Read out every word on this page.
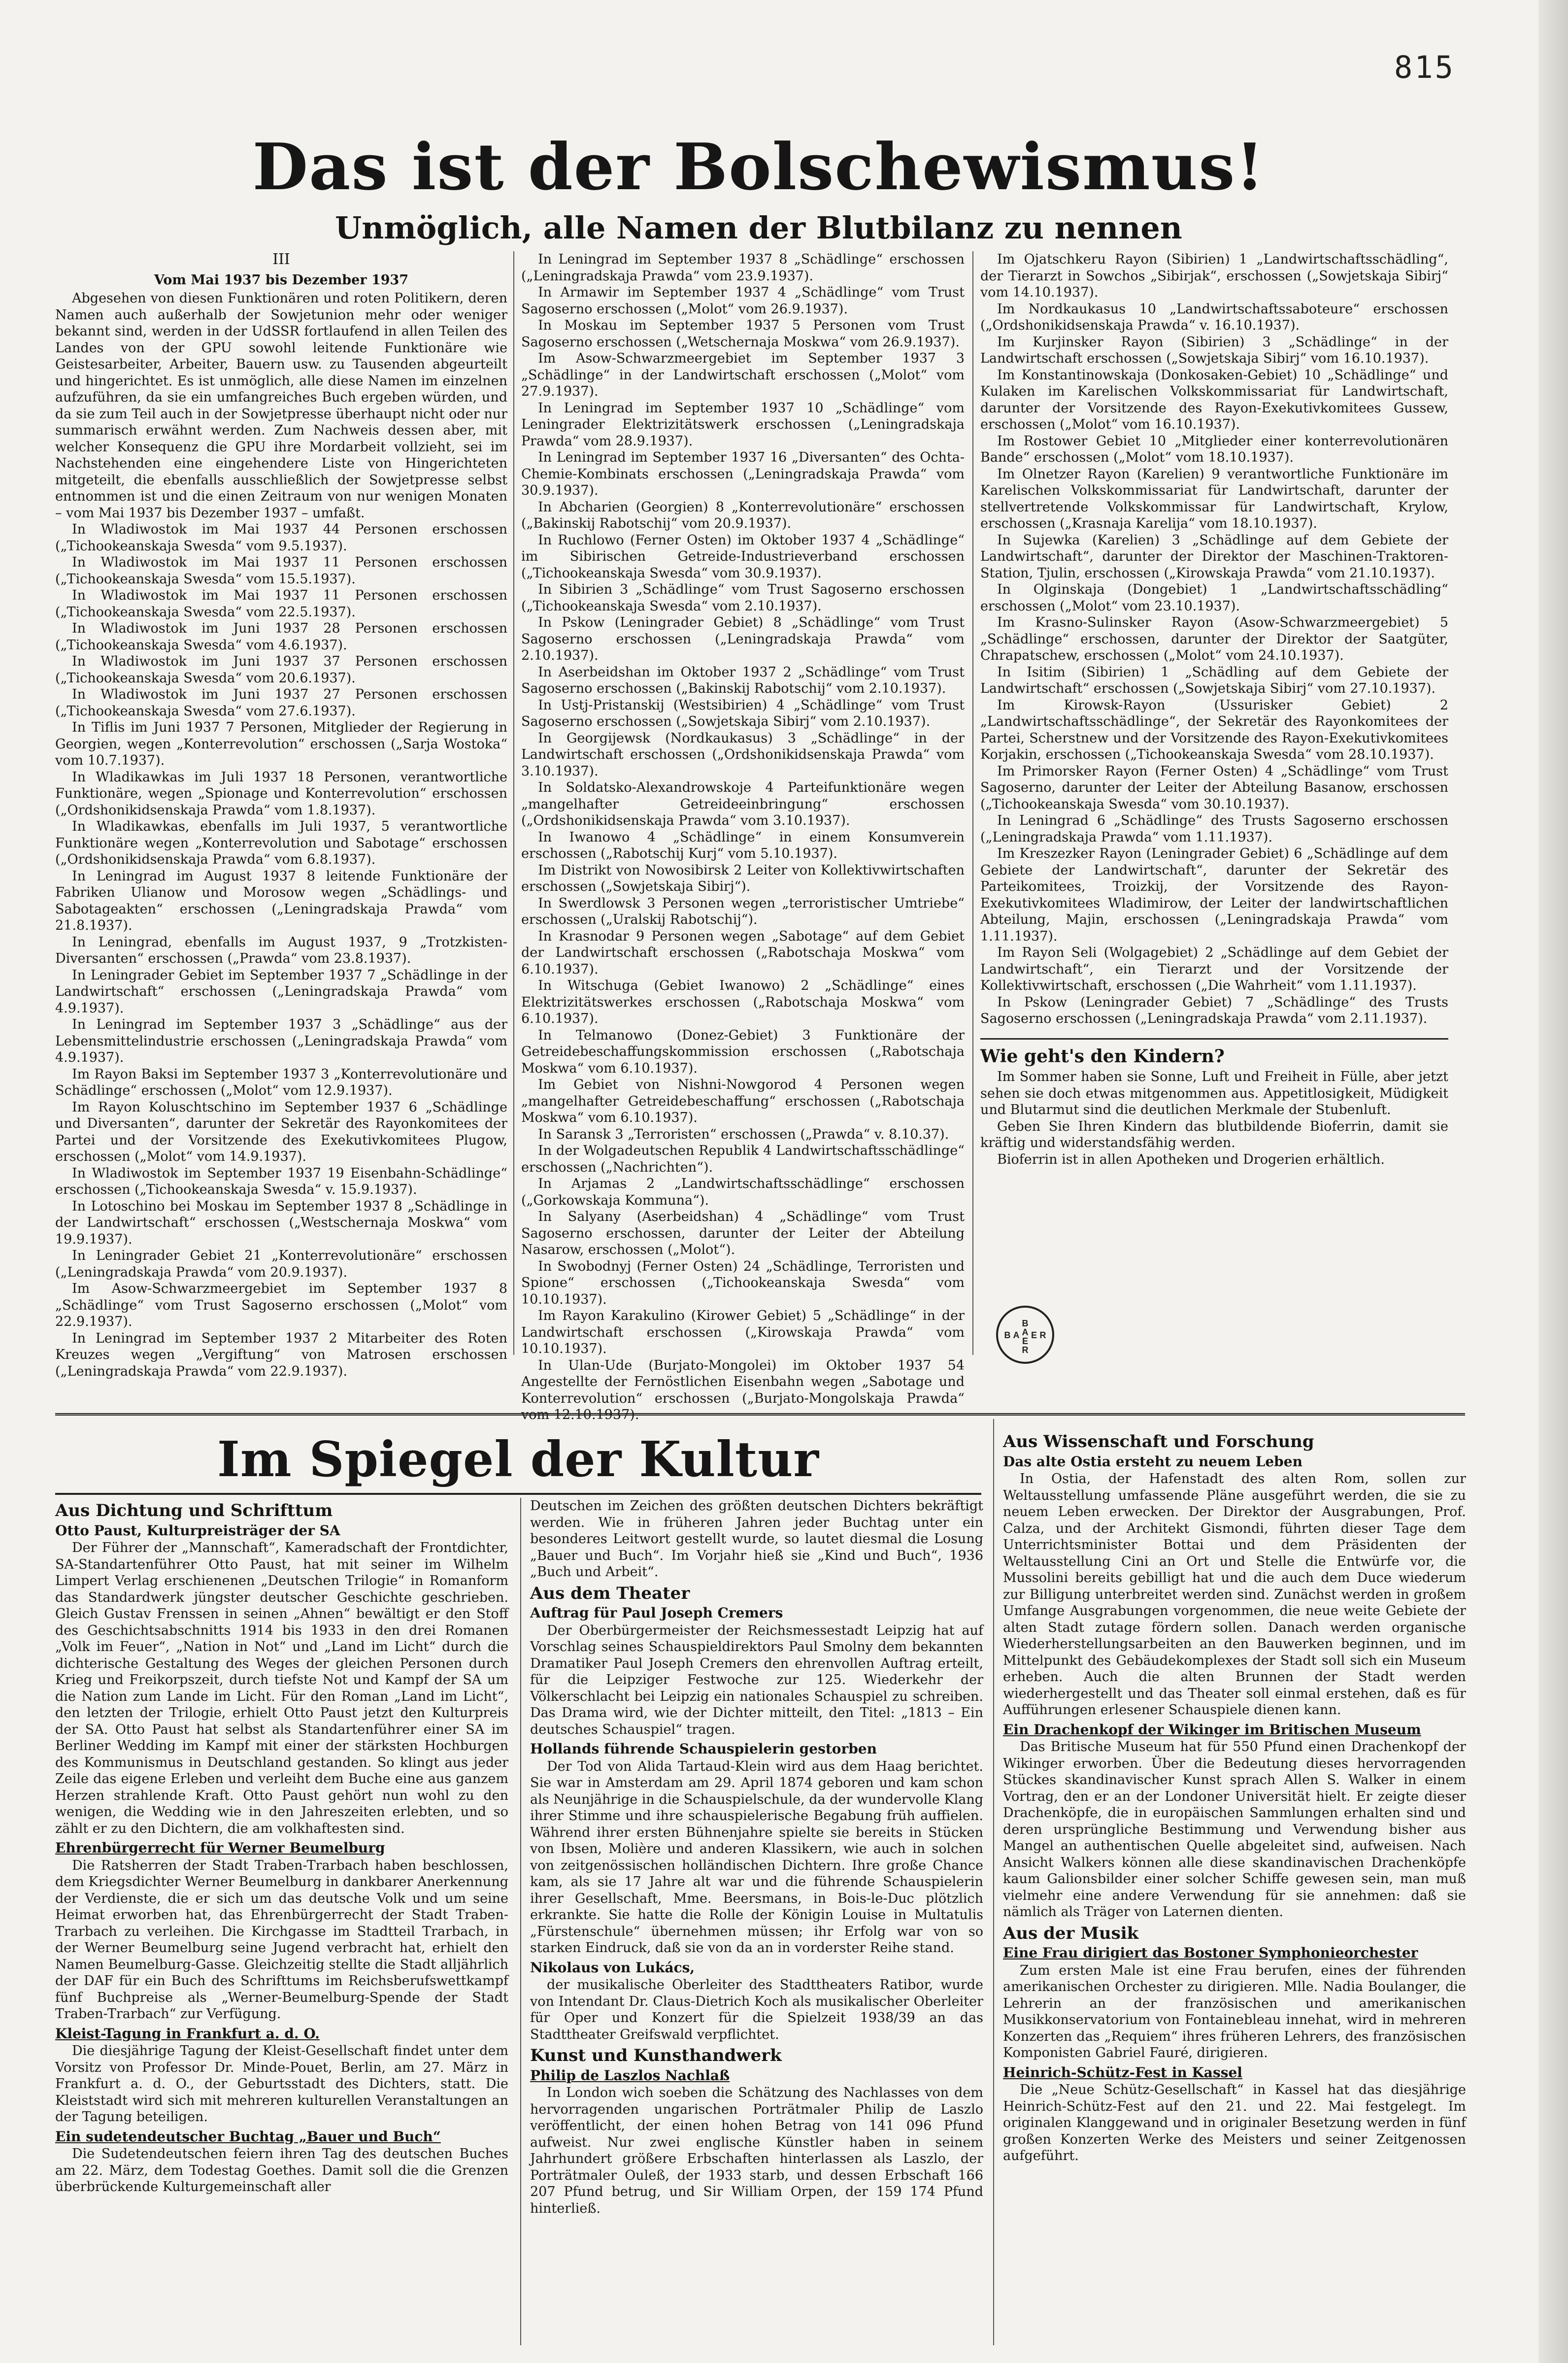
815
Das ist der Bolschewismus!
Unmöglich, alle Namen der Blutbilanz zu nennen

III

Vom Mai 1937 bis Dezember 1937

Abgesehen von diesen Funktionären und roten Politikern, deren Namen auch außerhalb der Sowjetunion mehr oder weniger bekannt sind, werden in der UdSSR fortlaufend in allen Teilen des Landes von der GPU sowohl leitende Funktionäre wie Geistesarbeiter, Arbeiter, Bauern usw. zu Tausenden abgeurteilt und hingerichtet. Es ist unmöglich, alle diese Namen im einzelnen aufzuführen, da sie ein umfangreiches Buch ergeben würden, und da sie zum Teil auch in der Sowjetpresse überhaupt nicht oder nur summarisch erwähnt werden. Zum Nachweis dessen aber, mit welcher Konsequenz die GPU ihre Mordarbeit vollzieht, sei im Nachstehenden eine eingehendere Liste von Hingerichteten mitgeteilt, die ebenfalls ausschließlich der Sowjetpresse selbst entnommen ist und die einen Zeitraum von nur wenigen Monaten – vom Mai 1937 bis Dezember 1937 – umfaßt.

In Wladiwostok im Mai 1937 44 Personen erschossen („Tichookeanskaja Swesda“ vom 9.5.1937).

In Wladiwostok im Mai 1937 11 Personen erschossen („Tichookeanskaja Swesda“ vom 15.5.1937).

In Wladiwostok im Mai 1937 11 Personen erschossen („Tichookeanskaja Swesda“ vom 22.5.1937).

In Wladiwostok im Juni 1937 28 Personen erschossen („Tichookeanskaja Swesda“ vom 4.6.1937).

In Wladiwostok im Juni 1937 37 Personen erschossen („Tichookeanskaja Swesda“ vom 20.6.1937).

In Wladiwostok im Juni 1937 27 Personen erschossen („Tichookeanskaja Swesda“ vom 27.6.1937).

In Tiflis im Juni 1937 7 Personen, Mitglieder der Regierung in Georgien, wegen „Konterrevolution“ erschossen („Sarja Wostoka“ vom 10.7.1937).

In Wladikawkas im Juli 1937 18 Personen, verantwortliche Funktionäre, wegen „Spionage und Konterrevolution“ erschossen („Ordshonikidsenskaja Prawda“ vom 1.8.1937).

In Wladikawkas, ebenfalls im Juli 1937, 5 verantwortliche Funktionäre wegen „Konterrevolution und Sabotage“ erschossen („Ordshonikidsenskaja Prawda“ vom 6.8.1937).

In Leningrad im August 1937 8 leitende Funktionäre der Fabriken Ulianow und Morosow wegen „Schädlings- und Sabotageakten“ erschossen („Leningradskaja Prawda“ vom 21.8.1937).

In Leningrad, ebenfalls im August 1937, 9 „Trotzkisten-Diversanten“ erschossen („Prawda“ vom 23.8.1937).

In Leningrader Gebiet im September 1937 7 „Schädlinge in der Landwirtschaft“ erschossen („Leningradskaja Prawda“ vom 4.9.1937).

In Leningrad im September 1937 3 „Schädlinge“ aus der Lebensmittelindustrie erschossen („Leningradskaja Prawda“ vom 4.9.1937).

Im Rayon Baksi im September 1937 3 „Konterrevolutionäre und Schädlinge“ erschossen („Molot“ vom 12.9.1937).

Im Rayon Koluschtschino im September 1937 6 „Schädlinge und Diversanten“, darunter der Sekretär des Rayonkomitees der Partei und der Vorsitzende des Exekutivkomitees Plugow, erschossen („Molot“ vom 14.9.1937).

In Wladiwostok im September 1937 19 Eisenbahn-Schädlinge“ erschossen („Tichookeanskaja Swesda“ v. 15.9.1937).

In Lotoschino bei Moskau im September 1937 8 „Schädlinge in der Landwirtschaft“ erschossen („Westschernaja Moskwa“ vom 19.9.1937).

In Leningrader Gebiet 21 „Konterrevolutionäre“ erschossen („Leningradskaja Prawda“ vom 20.9.1937).

Im Asow-Schwarzmeergebiet im September 1937 8 „Schädlinge“ vom Trust Sagoserno erschossen („Molot“ vom 22.9.1937).

In Leningrad im September 1937 2 Mitarbeiter des Roten Kreuzes wegen „Vergiftung“ von Matrosen erschossen („Leningradskaja Prawda“ vom 22.9.1937).

In Leningrad im September 1937 8 „Schädlinge“ erschossen („Leningradskaja Prawda“ vom 23.9.1937).

In Armawir im September 1937 4 „Schädlinge“ vom Trust Sagoserno erschossen („Molot“ vom 26.9.1937).

In Moskau im September 1937 5 Personen vom Trust Sagoserno erschossen („Wetschernaja Moskwa“ vom 26.9.1937).

Im Asow-Schwarzmeergebiet im September 1937 3 „Schädlinge“ in der Landwirtschaft erschossen („Molot“ vom 27.9.1937).

In Leningrad im September 1937 10 „Schädlinge“ vom Leningrader Elektrizitätswerk erschossen („Leningradskaja Prawda“ vom 28.9.1937).

In Leningrad im September 1937 16 „Diversanten“ des Ochta-Chemie-Kombinats erschossen („Leningradskaja Prawda“ vom 30.9.1937).

In Abcharien (Georgien) 8 „Konterrevolutionäre“ erschossen („Bakinskij Rabotschij“ vom 20.9.1937).

In Ruchlowo (Ferner Osten) im Oktober 1937 4 „Schädlinge“ im Sibirischen Getreide-Industrieverband erschossen („Tichookeanskaja Swesda“ vom 30.9.1937).

In Sibirien 3 „Schädlinge“ vom Trust Sagoserno erschossen („Tichookeanskaja Swesda“ vom 2.10.1937).

In Pskow (Leningrader Gebiet) 8 „Schädlinge“ vom Trust Sagoserno erschossen („Leningradskaja Prawda“ vom 2.10.1937).

In Aserbeidshan im Oktober 1937 2 „Schädlinge“ vom Trust Sagoserno erschossen („Bakinskij Rabotschij“ vom 2.10.1937).

In Ustj-Pristanskij (Westsibirien) 4 „Schädlinge“ vom Trust Sagoserno erschossen („Sowjetskaja Sibirj“ vom 2.10.1937).

In Georgijewsk (Nordkaukasus) 3 „Schädlinge“ in der Landwirtschaft erschossen („Ordshonikidsenskaja Prawda“ vom 3.10.1937).

In Soldatsko-Alexandrowskoje 4 Parteifunktionäre wegen „mangelhafter Getreideeinbringung“ erschossen („Ordshonikidsenskaja Prawda“ vom 3.10.1937).

In Iwanowo 4 „Schädlinge“ in einem Konsumverein erschossen („Rabotschij Kurj“ vom 5.10.1937).

Im Distrikt von Nowosibirsk 2 Leiter von Kollektivwirtschaften erschossen („Sowjetskaja Sibirj“).

In Swerdlowsk 3 Personen wegen „terroristischer Umtriebe“ erschossen („Uralskij Rabotschij“).

In Krasnodar 9 Personen wegen „Sabotage“ auf dem Gebiet der Landwirtschaft erschossen („Rabotschaja Moskwa“ vom 6.10.1937).

In Witschuga (Gebiet Iwanowo) 2 „Schädlinge“ eines Elektrizitätswerkes erschossen („Rabotschaja Moskwa“ vom 6.10.1937).

In Telmanowo (Donez-Gebiet) 3 Funktionäre der Getreidebeschaffungskommission erschossen („Rabotschaja Moskwa“ vom 6.10.1937).

Im Gebiet von Nishni-Nowgorod 4 Personen wegen „mangelhafter Getreidebeschaffung“ erschossen („Rabotschaja Moskwa“ vom 6.10.1937).

In Saransk 3 „Terroristen“ erschossen („Prawda“ v. 8.10.37).

In der Wolgadeutschen Republik 4 Landwirtschaftsschädlinge“ erschossen („Nachrichten“).

In Arjamas 2 „Landwirtschaftsschädlinge“ erschossen („Gorkowskaja Kommuna“).

In Salyany (Aserbeidshan) 4 „Schädlinge“ vom Trust Sagoserno erschossen, darunter der Leiter der Abteilung Nasarow, erschossen („Molot“).

In Swobodnyj (Ferner Osten) 24 „Schädlinge, Terroristen und Spione“ erschossen („Tichookeanskaja Swesda“ vom 10.10.1937).

Im Rayon Karakulino (Kirower Gebiet) 5 „Schädlinge“ in der Landwirtschaft erschossen („Kirowskaja Prawda“ vom 10.10.1937).

In Ulan-Ude (Burjato-Mongolei) im Oktober 1937 54 Angestellte der Fernöstlichen Eisenbahn wegen „Sabotage und Konterrevolution“ erschossen („Burjato-Mongolskaja Prawda“ vom 12.10.1937).

Im Ojatschkeru Rayon (Sibirien) 1 „Landwirtschaftsschädling“, der Tierarzt in Sowchos „Sibirjak“, erschossen („Sowjetskaja Sibirj“ vom 14.10.1937).

Im Nordkaukasus 10 „Landwirtschaftssaboteure“ erschossen („Ordshonikidsenskaja Prawda“ v. 16.10.1937).

Im Kurjinsker Rayon (Sibirien) 3 „Schädlinge“ in der Landwirtschaft erschossen („Sowjetskaja Sibirj“ vom 16.10.1937).

Im Konstantinowskaja (Donkosaken-Gebiet) 10 „Schädlinge“ und Kulaken im Karelischen Volkskommissariat für Landwirtschaft, darunter der Vorsitzende des Rayon-Exekutivkomitees Gussew, erschossen („Molot“ vom 16.10.1937).

Im Rostower Gebiet 10 „Mitglieder einer konterrevolutionären Bande“ erschossen („Molot“ vom 18.10.1937).

Im Olnetzer Rayon (Karelien) 9 verantwortliche Funktionäre im Karelischen Volkskommissariat für Landwirtschaft, darunter der stellvertretende Volkskommissar für Landwirtschaft, Krylow, erschossen („Krasnaja Karelija“ vom 18.10.1937).

In Sujewka (Karelien) 3 „Schädlinge auf dem Gebiete der Landwirtschaft“, darunter der Direktor der Maschinen-Traktoren-Station, Tjulin, erschossen („Kirowskaja Prawda“ vom 21.10.1937).

In Olginskaja (Dongebiet) 1 „Landwirtschaftsschädling“ erschossen („Molot“ vom 23.10.1937).

Im Krasno-Sulinsker Rayon (Asow-Schwarzmeergebiet) 5 „Schädlinge“ erschossen, darunter der Direktor der Saatgüter, Chrapatschew, erschossen („Molot“ vom 24.10.1937).

In Isitim (Sibirien) 1 „Schädling auf dem Gebiete der Landwirtschaft“ erschossen („Sowjetskaja Sibirj“ vom 27.10.1937).

Im Kirowsk-Rayon (Ussurisker Gebiet) 2 „Landwirtschaftsschädlinge“, der Sekretär des Rayonkomitees der Partei, Scherstnew und der Vorsitzende des Rayon-Exekutivkomitees Korjakin, erschossen („Tichookeanskaja Swesda“ vom 28.10.1937).

Im Primorsker Rayon (Ferner Osten) 4 „Schädlinge“ vom Trust Sagoserno, darunter der Leiter der Abteilung Basanow, erschossen („Tichookeanskaja Swesda“ vom 30.10.1937).

In Leningrad 6 „Schädlinge“ des Trusts Sagoserno erschossen („Leningradskaja Prawda“ vom 1.11.1937).

Im Kreszezker Rayon (Leningrader Gebiet) 6 „Schädlinge auf dem Gebiete der Landwirtschaft“, darunter der Sekretär des Parteikomitees, Troizkij, der Vorsitzende des Rayon-Exekutivkomitees Wladimirow, der Leiter der landwirtschaftlichen Abteilung, Majin, erschossen („Leningradskaja Prawda“ vom 1.11.1937).

Im Rayon Seli (Wolgagebiet) 2 „Schädlinge auf dem Gebiet der Landwirtschaft“, ein Tierarzt und der Vorsitzende der Kollektivwirtschaft, erschossen („Die Wahrheit“ vom 1.11.1937).

In Pskow (Leningrader Gebiet) 7 „Schädlinge“ des Trusts Sagoserno erschossen („Leningradskaja Prawda“ vom 2.11.1937).

Wie geht's den Kindern?

Im Sommer haben sie Sonne, Luft und Freiheit in Fülle, aber jetzt sehen sie doch etwas mitgenommen aus. Appetitlosigkeit, Müdigkeit und Blutarmut sind die deutlichen Merkmale der Stubenluft.

Geben Sie Ihren Kindern das blutbildende Bioferrin, damit sie kräftig und widerstandsfähig werden.

Bioferrin ist in allen Apotheken und Drogerien erhältlich.

B
A
E
R
B A E R
Im Spiegel der Kultur

Aus Dichtung und Schrifttum

Otto Paust, Kulturpreisträger der SA

Der Führer der „Mannschaft“, Kameradschaft der Frontdichter, SA-Standartenführer Otto Paust, hat mit seiner im Wilhelm Limpert Verlag erschienenen „Deutschen Trilogie“ in Romanform das Standardwerk jüngster deutscher Geschichte geschrieben. Gleich Gustav Frenssen in seinen „Ahnen“ bewältigt er den Stoff des Geschichtsabschnitts 1914 bis 1933 in den drei Romanen „Volk im Feuer“, „Nation in Not“ und „Land im Licht“ durch die dichterische Gestaltung des Weges der gleichen Personen durch Krieg und Freikorpszeit, durch tiefste Not und Kampf der SA um die Nation zum Lande im Licht. Für den Roman „Land im Licht“, den letzten der Trilogie, erhielt Otto Paust jetzt den Kulturpreis der SA. Otto Paust hat selbst als Standartenführer einer SA im Berliner Wedding im Kampf mit einer der stärksten Hochburgen des Kommunismus in Deutschland gestanden. So klingt aus jeder Zeile das eigene Erleben und verleiht dem Buche eine aus ganzem Herzen strahlende Kraft. Otto Paust gehört nun wohl zu den wenigen, die Wedding wie in den Jahreszeiten erlebten, und so zählt er zu den Dichtern, die am volkhaftesten sind.

Ehrenbürgerrecht für Werner Beumelburg

Die Ratsherren der Stadt Traben-Trarbach haben beschlossen, dem Kriegsdichter Werner Beumelburg in dankbarer Anerkennung der Verdienste, die er sich um das deutsche Volk und um seine Heimat erworben hat, das Ehrenbürgerrecht der Stadt Traben-Trarbach zu verleihen. Die Kirchgasse im Stadtteil Trarbach, in der Werner Beumelburg seine Jugend verbracht hat, erhielt den Namen Beumelburg-Gasse. Gleichzeitig stellte die Stadt alljährlich der DAF für ein Buch des Schrifttums im Reichsberufswettkampf fünf Buchpreise als „Werner-Beumelburg-Spende der Stadt Traben-Trarbach“ zur Verfügung.

Kleist-Tagung in Frankfurt a. d. O.

Die diesjährige Tagung der Kleist-Gesellschaft findet unter dem Vorsitz von Professor Dr. Minde-Pouet, Berlin, am 27. März in Frankfurt a. d. O., der Geburtsstadt des Dichters, statt. Die Kleiststadt wird sich mit mehreren kulturellen Veranstaltungen an der Tagung beteiligen.

Ein sudetendeutscher Buchtag „Bauer und Buch“

Die Sudetendeutschen feiern ihren Tag des deutschen Buches am 22. März, dem Todestag Goethes. Damit soll die die Grenzen überbrückende Kulturgemeinschaft aller

Deutschen im Zeichen des größten deutschen Dichters bekräftigt werden. Wie in früheren Jahren jeder Buchtag unter ein besonderes Leitwort gestellt wurde, so lautet diesmal die Losung „Bauer und Buch“. Im Vorjahr hieß sie „Kind und Buch“, 1936 „Buch und Arbeit“.

Aus dem Theater

Auftrag für Paul Joseph Cremers

Der Oberbürgermeister der Reichsmessestadt Leipzig hat auf Vorschlag seines Schauspieldirektors Paul Smolny dem bekannten Dramatiker Paul Joseph Cremers den ehrenvollen Auftrag erteilt, für die Leipziger Festwoche zur 125. Wiederkehr der Völkerschlacht bei Leipzig ein nationales Schauspiel zu schreiben. Das Drama wird, wie der Dichter mitteilt, den Titel: „1813 – Ein deutsches Schauspiel“ tragen.

Hollands führende Schauspielerin gestorben

Der Tod von Alida Tartaud-Klein wird aus dem Haag berichtet. Sie war in Amsterdam am 29. April 1874 geboren und kam schon als Neunjährige in die Schauspielschule, da der wundervolle Klang ihrer Stimme und ihre schauspielerische Begabung früh auffielen. Während ihrer ersten Bühnenjahre spielte sie bereits in Stücken von Ibsen, Molière und anderen Klassikern, wie auch in solchen von zeitgenössischen holländischen Dichtern. Ihre große Chance kam, als sie 17 Jahre alt war und die führende Schauspielerin ihrer Gesellschaft, Mme. Beersmans, in Bois-le-Duc plötzlich erkrankte. Sie hatte die Rolle der Königin Louise in Multatulis „Fürstenschule“ übernehmen müssen; ihr Erfolg war von so starken Eindruck, daß sie von da an in vorderster Reihe stand.

Nikolaus von Lukács,

der musikalische Oberleiter des Stadttheaters Ratibor, wurde von Intendant Dr. Claus-Dietrich Koch als musikalischer Oberleiter für Oper und Konzert für die Spielzeit 1938/39 an das Stadttheater Greifswald verpflichtet.

Kunst und Kunsthandwerk

Philip de Laszlos Nachlaß

In London wich soeben die Schätzung des Nachlasses von dem hervorragenden ungarischen Porträtmaler Philip de Laszlo veröffentlicht, der einen hohen Betrag von 141 096 Pfund aufweist. Nur zwei englische Künstler haben in seinem Jahrhundert größere Erbschaften hinterlassen als Laszlo, der Porträtmaler Ouleß, der 1933 starb, und dessen Erbschaft 166 207 Pfund betrug, und Sir William Orpen, der 159 174 Pfund hinterließ.

Aus Wissenschaft und Forschung

Das alte Ostia ersteht zu neuem Leben

In Ostia, der Hafenstadt des alten Rom, sollen zur Weltausstellung umfassende Pläne ausgeführt werden, die sie zu neuem Leben erwecken. Der Direktor der Ausgrabungen, Prof. Calza, und der Architekt Gismondi, führten dieser Tage dem Unterrichtsminister Bottai und dem Präsidenten der Weltausstellung Cini an Ort und Stelle die Entwürfe vor, die Mussolini bereits gebilligt hat und die auch dem Duce wiederum zur Billigung unterbreitet werden sind. Zunächst werden in großem Umfange Ausgrabungen vorgenommen, die neue weite Gebiete der alten Stadt zutage fördern sollen. Danach werden organische Wiederherstellungsarbeiten an den Bauwerken beginnen, und im Mittelpunkt des Gebäudekomplexes der Stadt soll sich ein Museum erheben. Auch die alten Brunnen der Stadt werden wiederhergestellt und das Theater soll einmal erstehen, daß es für Aufführungen erlesener Schauspiele dienen kann.

Ein Drachenkopf der Wikinger im Britischen Museum

Das Britische Museum hat für 550 Pfund einen Drachenkopf der Wikinger erworben. Über die Bedeutung dieses hervorragenden Stückes skandinavischer Kunst sprach Allen S. Walker in einem Vortrag, den er an der Londoner Universität hielt. Er zeigte dieser Drachenköpfe, die in europäischen Sammlungen erhalten sind und deren ursprüngliche Bestimmung und Verwendung bisher aus Mangel an authentischen Quelle abgeleitet sind, aufweisen. Nach Ansicht Walkers können alle diese skandinavischen Drachenköpfe kaum Galionsbilder einer solcher Schiffe gewesen sein, man muß vielmehr eine andere Verwendung für sie annehmen: daß sie nämlich als Träger von Laternen dienten.

Aus der Musik

Eine Frau dirigiert das Bostoner Symphonieorchester

Zum ersten Male ist eine Frau berufen, eines der führenden amerikanischen Orchester zu dirigieren. Mlle. Nadia Boulanger, die Lehrerin an der französischen und amerikanischen Musikkonservatorium von Fontainebleau innehat, wird in mehreren Konzerten das „Requiem“ ihres früheren Lehrers, des französischen Komponisten Gabriel Fauré, dirigieren.

Heinrich-Schütz-Fest in Kassel

Die „Neue Schütz-Gesellschaft“ in Kassel hat das diesjährige Heinrich-Schütz-Fest auf den 21. und 22. Mai festgelegt. Im originalen Klanggewand und in originaler Besetzung werden in fünf großen Konzerten Werke des Meisters und seiner Zeitgenossen aufgeführt.
